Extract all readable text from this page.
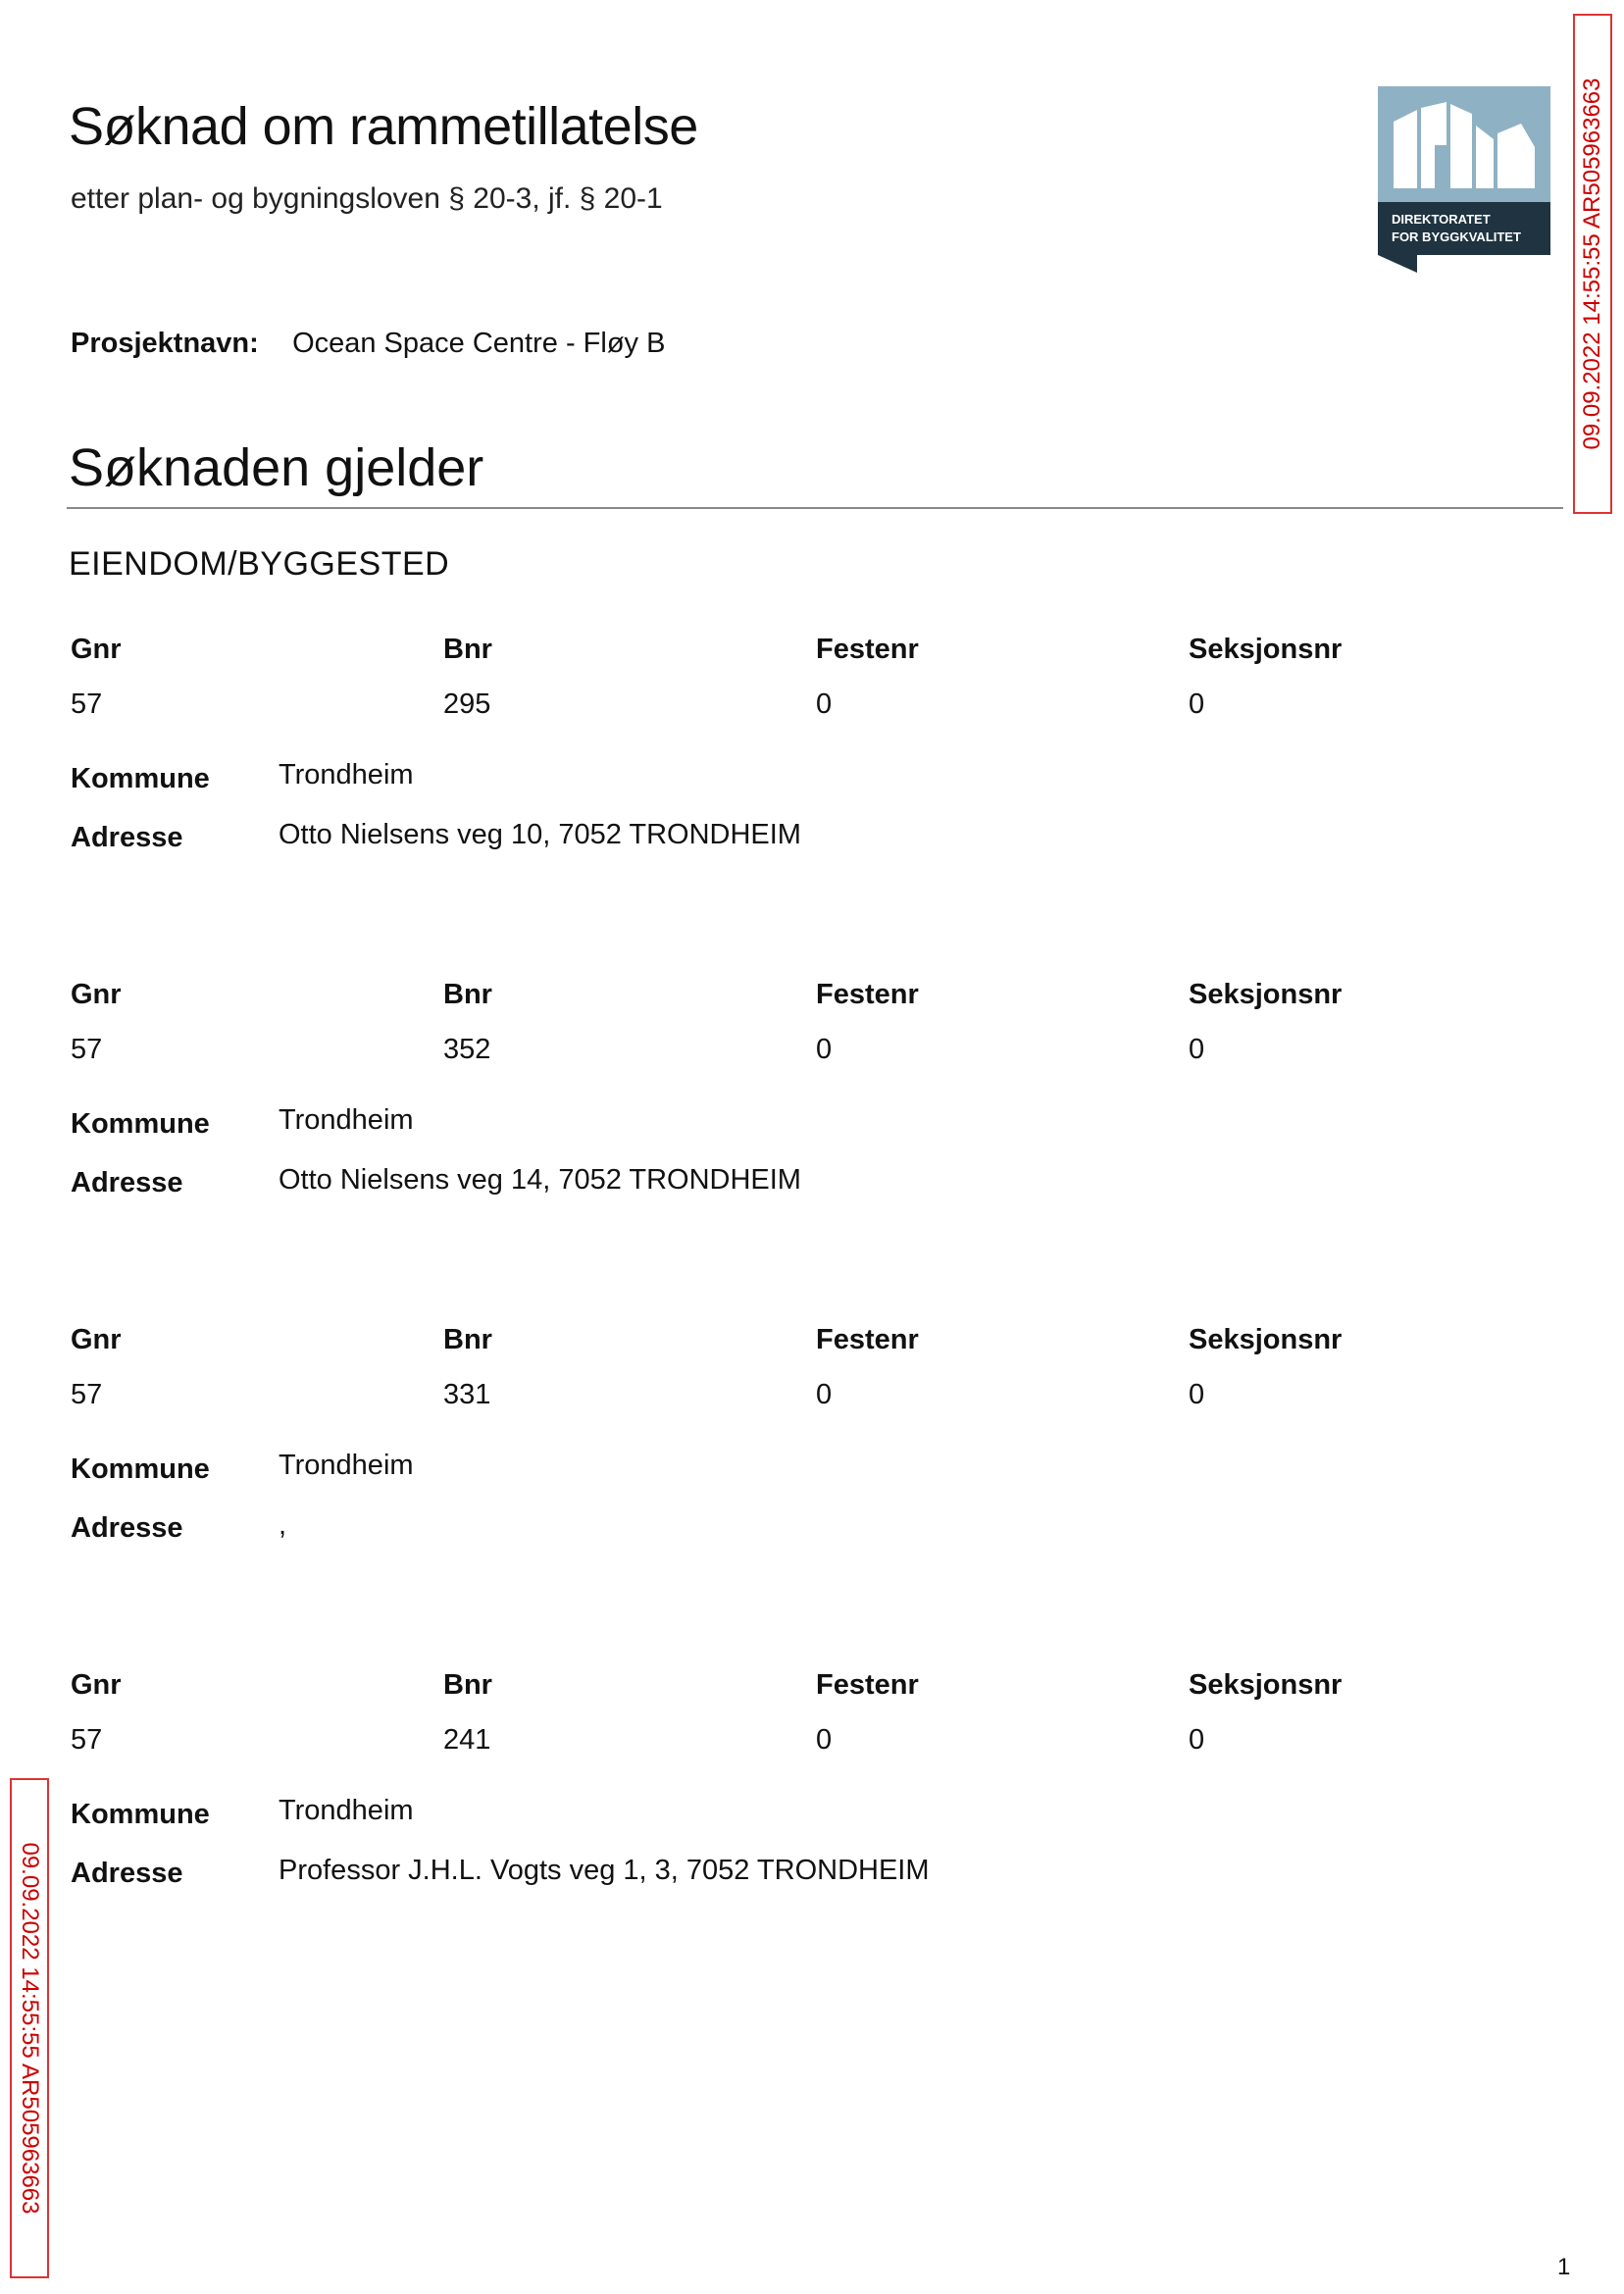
Søknad om rammetillatelse
etter plan- og bygningsloven § 20-3, jf. § 20-1
Prosjektnavn: Ocean Space Centre - Fløy B
Søknaden gjelder
EIENDOM/BYGGESTED
Gnr	Bnr	Festenr	Seksjonsnr
57	295	0	0
Kommune Trondheim
Adresse	Otto Nielsens veg 10, 7052 TRONDHEIM
Gnr	Bnr	Festenr	Seksjonsnr
57	352	0	0
Kommune Trondheim
Adresse	Otto Nielsens veg 14, 7052 TRONDHEIM
Gnr	Bnr	Festenr	Seksjonsnr
57	331	0	0
Kommune Trondheim
Adresse	,
Gnr	Bnr	Festenr	Seksjonsnr
57	241	0	0
Kommune Trondheim
Adresse	Professor J.H.L. Vogts veg 1, 3, 7052 TRONDHEIM
DIREKTORATET
FOR BYGGKVALITET 09.09.2022 14:55:55 AR505963663
09.09.2022 14:55:55 AR505963663
1
